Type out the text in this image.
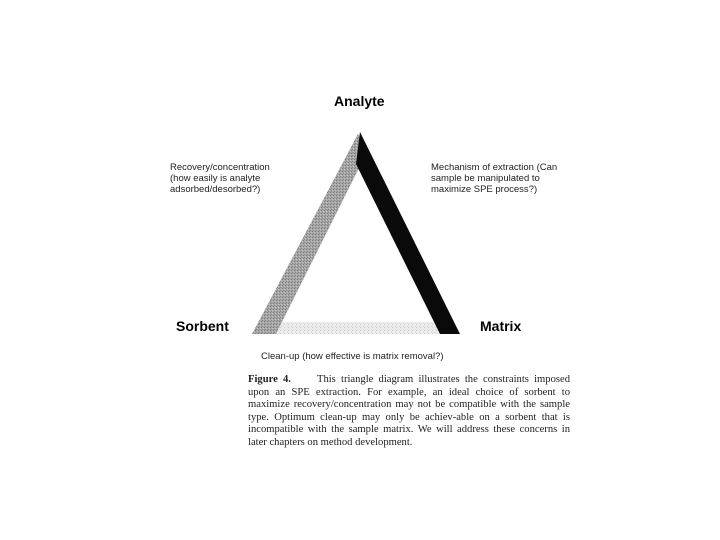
Analyte
Sorbent	Matrix
Recovery/concentration
(how easily is analyte
adsorbed/desorbed?)
Mechanism of extraction (Can
sample be manipulated to
maximize SPE process?)
Clean-up (how effective is matrix removal?)
Figure 4. This triangle diagram illustrates the constraints imposed upon an SPE extraction. For example, an ideal choice of sorbent to maximize recovery/concentration may not be compatible with the sample type. Optimum clean-up may only be achiev-able on a sorbent that is incompatible with the sample matrix. We will address these concerns in later chapters on method development.
